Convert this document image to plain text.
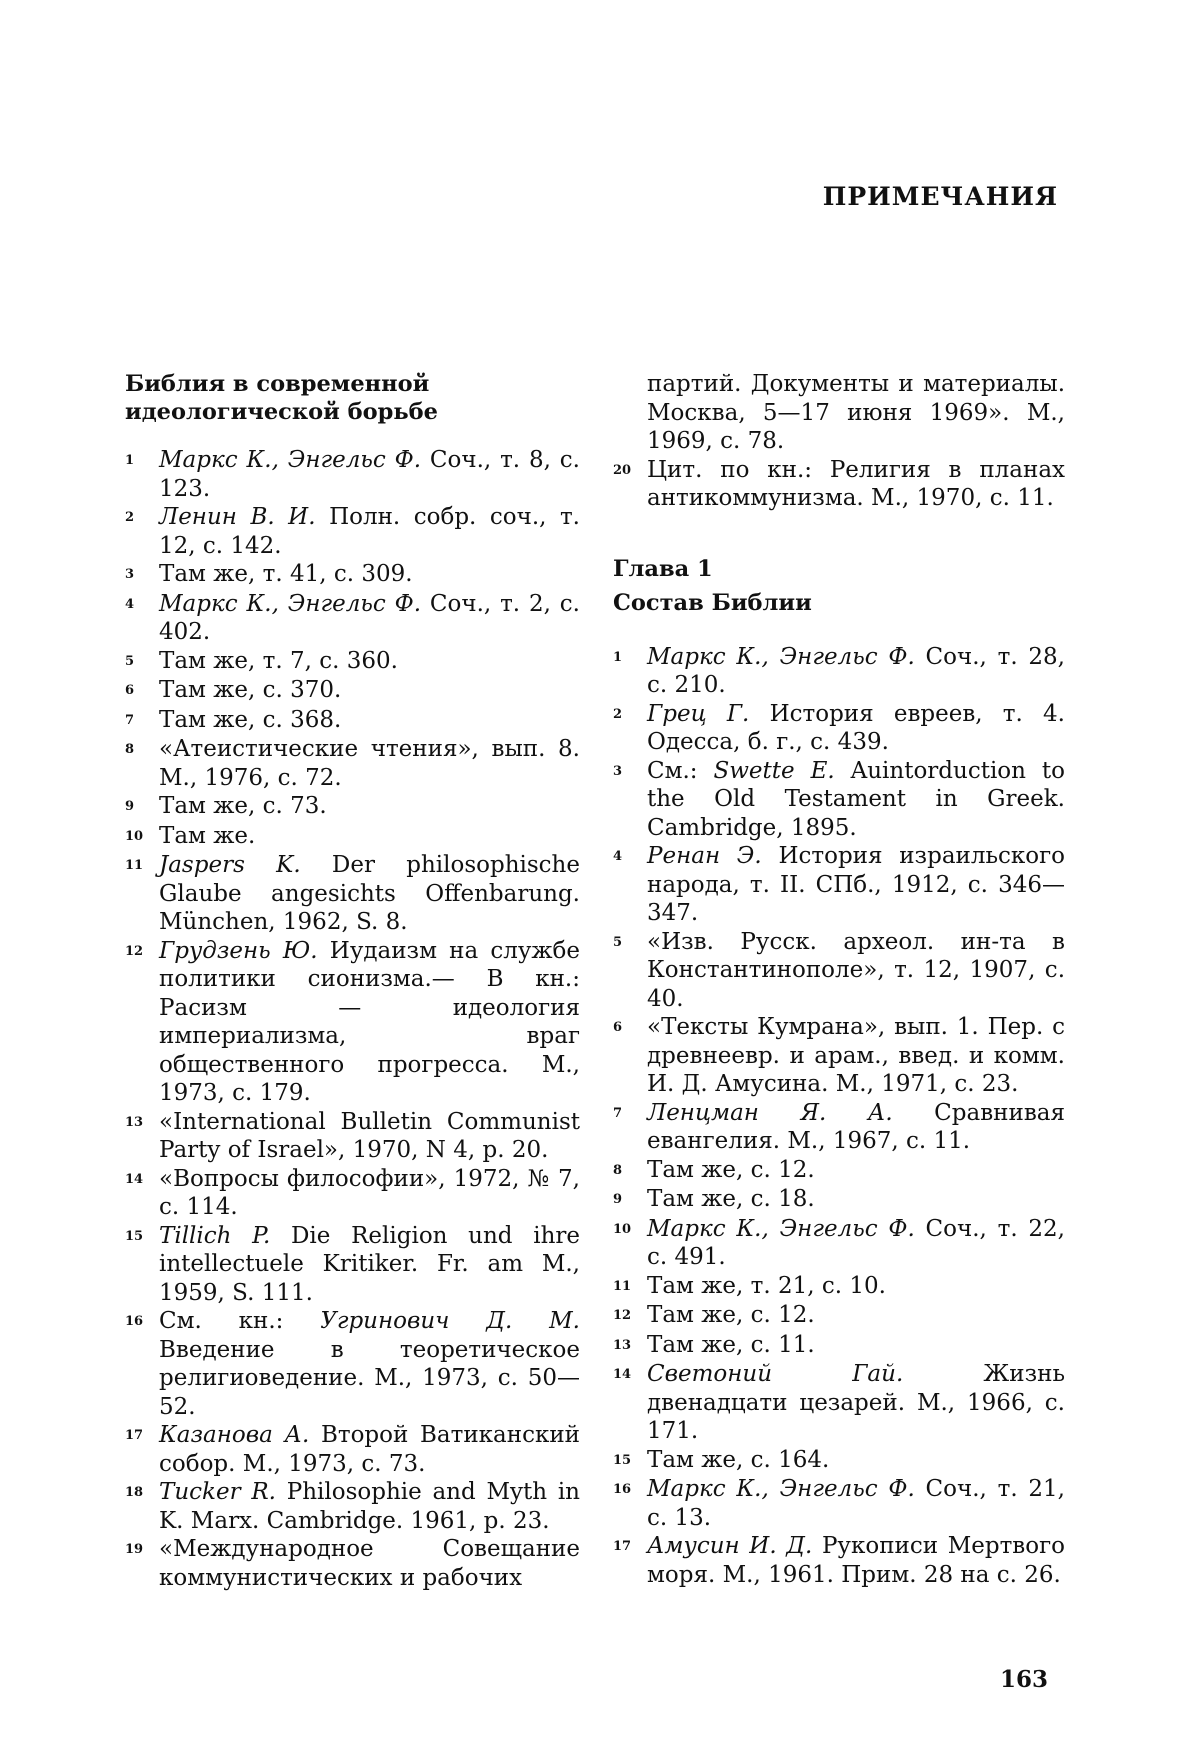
ПРИМЕЧАНИЯ
Библия в современной
идеологической борьбе
1	Маркс К., Энгельс Ф. Соч., т. 8, с. 123.
2	Ленин В. И. Полн. собр. соч., т. 12, с. 142.
3	Там же, т. 41, с. 309.
4	Маркс К., Энгельс Ф. Соч., т. 2, с. 402.
5	Там же, т. 7, с. 360.
6	Там же, с. 370.
7	Там же, с. 368.
8	«Атеистические чтения», вып. 8. М., 1976, с. 72.
9	Там же, с. 73.
10 Там же.
11 Jaspers K. Der philosophische Glaube angesichts Offenbarung. München, 1962, S. 8.
12 Грудзень Ю. Иудаизм на службе политики сионизма.— В кн.: Расизм — идеология империализма, враг общественного прогресса. М., 1973, с. 179.
13 «International Bulletin Communist Party of Israel», 1970, N 4, p. 20.
14 «Вопросы философии», 1972, № 7, с. 114.
15 Tillich P. Die Religion und ihre intellectuele Kritiker. Fr. am M., 1959, S. 111.
16 См. кн.: Угринович Д. М. Введение в теоретическое религиоведение. М., 1973, с. 50—52.
17 Казанова А. Второй Ватиканский собор. М., 1973, с. 73.
18 Tucker R. Philosophie and Myth in K. Marx. Cambridge. 1961, p. 23.
19 «Международное Совещание коммунистических и рабочих
партий. Документы и материалы. Москва, 5—17 июня 1969». М., 1969, с. 78.
20 Цит. по кн.: Религия в планах антикоммунизма. М., 1970, с. 11.
Глава 1
Состав Библии
1	Маркс К., Энгельс Ф. Соч., т. 28, с. 210.
2	Грец Г. История евреев, т. 4. Одесса, б. г., с. 439.
3	См.: Swette E. Auintorduction to the Old Testament in Greek. Cambridge, 1895.
4	Ренан Э. История израильского народа, т. II. СПб., 1912, с. 346—347.
5	«Изв. Русск. археол. ин-та в Константинополе», т. 12, 1907, с. 40.
6	«Тексты Кумрана», вып. 1. Пер. с древнеевр. и арам., введ. и комм. И. Д. Амусина. М., 1971, с. 23.
7	Ленцман Я. А. Сравнивая евангелия. М., 1967, с. 11.
8	Там же, с. 12.
9	Там же, с. 18.
10 Маркс К., Энгельс Ф. Соч., т. 22, с. 491.
11 Там же, т. 21, с. 10.
12 Там же, с. 12.
13 Там же, с. 11.
14 Светоний Гай. Жизнь двенадцати цезарей. М., 1966, с. 171.
15 Там же, с. 164.
16 Маркс К., Энгельс Ф. Соч., т. 21, с. 13.
17 Амусин И. Д. Рукописи Мертвого моря. М., 1961. Прим. 28 на с. 26.
163
